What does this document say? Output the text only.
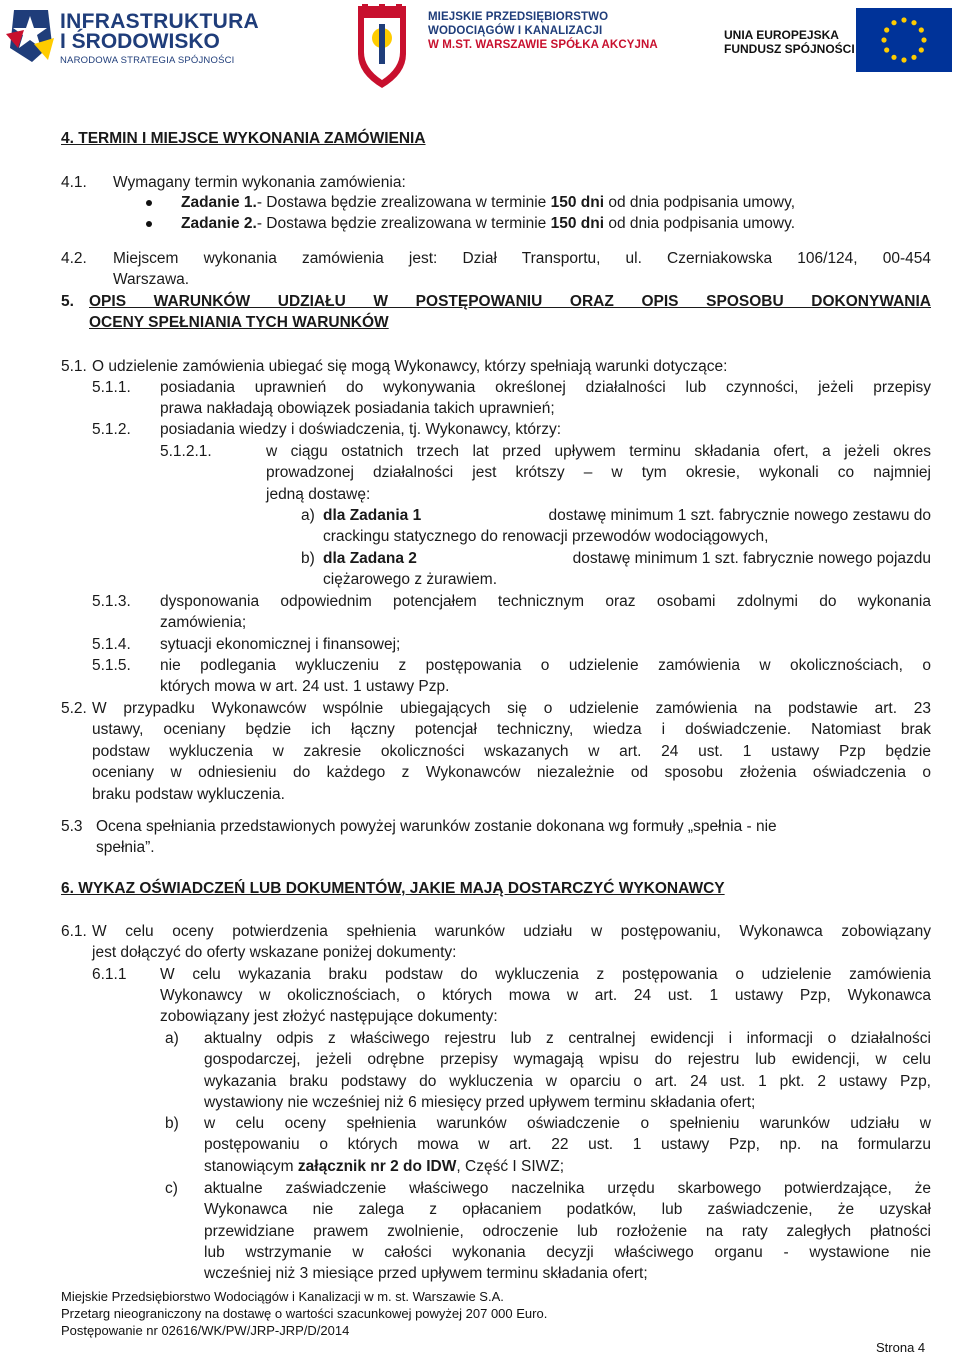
INFRASTRUKTURA
I ŚRODOWISKO
NARODOWA STRATEGIA SPÓJNOŚCI
MIEJSKIE PRZEDSIĘBIORSTWO
WODOCIĄGÓW I KANALIZACJI
W M.ST. WARSZAWIE SPÓŁKA AKCYJNA
UNIA EUROPEJSKA
FUNDUSZ SPÓJNOŚCI
4. TERMIN I MIEJSCE WYKONANIA ZAMÓWIENIA
4.1. Wymagany termin wykonania zamówienia:
Zadanie 1.- Dostawa będzie zrealizowana w terminie 150 dni od dnia podpisania umowy,
Zadanie 2.- Dostawa będzie zrealizowana w terminie 150 dni od dnia podpisania umowy.
4.2. Miejscem wykonania zamówienia jest: Dział Transportu, ul. Czerniakowska 106/124, 00-454
Warszawa.
5. OPIS WARUNKÓW UDZIAŁU W POSTĘPOWANIU ORAZ OPIS SPOSOBU DOKONYWANIA
OCENY SPEŁNIANIA TYCH WARUNKÓW
5.1. O udzielenie zamówienia ubiegać się mogą Wykonawcy, którzy spełniają warunki dotyczące:
5.1.1. posiadania uprawnień do wykonywania określonej działalności lub czynności, jeżeli przepisy
prawa nakładają obowiązek posiadania takich uprawnień;
5.1.2. posiadania wiedzy i doświadczenia, tj. Wykonawcy, którzy:
5.1.2.1.	w ciągu ostatnich trzech lat przed upływem terminu składania ofert, a jeżeli okres
prowadzonej działalności jest krótszy – w tym okresie, wykonali co najmniej
jedną dostawę:
a) dla Zadania 1	dostawę minimum 1 szt. fabrycznie nowego zestawu do
crackingu statycznego do renowacji przewodów wodociągowych,
b) dla Zadana 2	dostawę minimum 1 szt. fabrycznie nowego pojazdu
ciężarowego z żurawiem.
5.1.3. dysponowania odpowiednim potencjałem technicznym oraz osobami zdolnymi do wykonania
zamówienia;
5.1.4. sytuacji ekonomicznej i finansowej;
5.1.5. nie podlegania wykluczeniu z postępowania o udzielenie zamówienia w okolicznościach, o
których mowa w art. 24 ust. 1 ustawy Pzp.
5.2. W przypadku Wykonawców wspólnie ubiegających się o udzielenie zamówienia na podstawie art. 23
ustawy, oceniany będzie ich łączny potencjał techniczny, wiedza i doświadczenie. Natomiast brak
podstaw wykluczenia w zakresie okoliczności wskazanych w art. 24 ust. 1 ustawy Pzp będzie
oceniany w odniesieniu do każdego z Wykonawców niezależnie od sposobu złożenia oświadczenia o
braku podstaw wykluczenia.
5.3 Ocena spełniania przedstawionych powyżej warunków zostanie dokonana wg formuły „spełnia - nie
spełnia”.
6. WYKAZ OŚWIADCZEŃ LUB DOKUMENTÓW, JAKIE MAJĄ DOSTARCZYĆ WYKONAWCY
6.1. W celu oceny potwierdzenia spełnienia warunków udziału w postępowaniu, Wykonawca zobowiązany
jest dołączyć do oferty wskazane poniżej dokumenty:
6.1.1 W celu wykazania braku podstaw do wykluczenia z postępowania o udzielenie zamówienia
Wykonawcy w okolicznościach, o których mowa w art. 24 ust. 1 ustawy Pzp, Wykonawca
zobowiązany jest złożyć następujące dokumenty:
a) aktualny odpis z właściwego rejestru lub z centralnej ewidencji i informacji o działalności
gospodarczej, jeżeli odrębne przepisy wymagają wpisu do rejestru lub ewidencji, w celu
wykazania braku podstawy do wykluczenia w oparciu o art. 24 ust. 1 pkt. 2 ustawy Pzp,
wystawiony nie wcześniej niż 6 miesięcy przed upływem terminu składania ofert;
b) w celu oceny spełnienia warunków oświadczenie o spełnieniu warunków udziału w
postępowaniu o których mowa w art. 22 ust. 1 ustawy Pzp, np. na formularzu
stanowiącym załącznik nr 2 do IDW, Część I SIWZ;
c) aktualne zaświadczenie właściwego naczelnika urzędu skarbowego potwierdzające, że
Wykonawca nie zalega z opłacaniem podatków, lub zaświadczenie, że uzyskał
przewidziane prawem zwolnienie, odroczenie lub rozłożenie na raty zaległych płatności
lub wstrzymanie w całości wykonania decyzji właściwego organu - wystawione nie
wcześniej niż 3 miesiące przed upływem terminu składania ofert;
Miejskie Przedsiębiorstwo Wodociągów i Kanalizacji w m. st. Warszawie S.A.
Przetarg nieograniczony na dostawę o wartości szacunkowej powyżej 207 000 Euro.
Postępowanie nr 02616/WK/PW/JRP-JRP/D/2014
Strona 4
